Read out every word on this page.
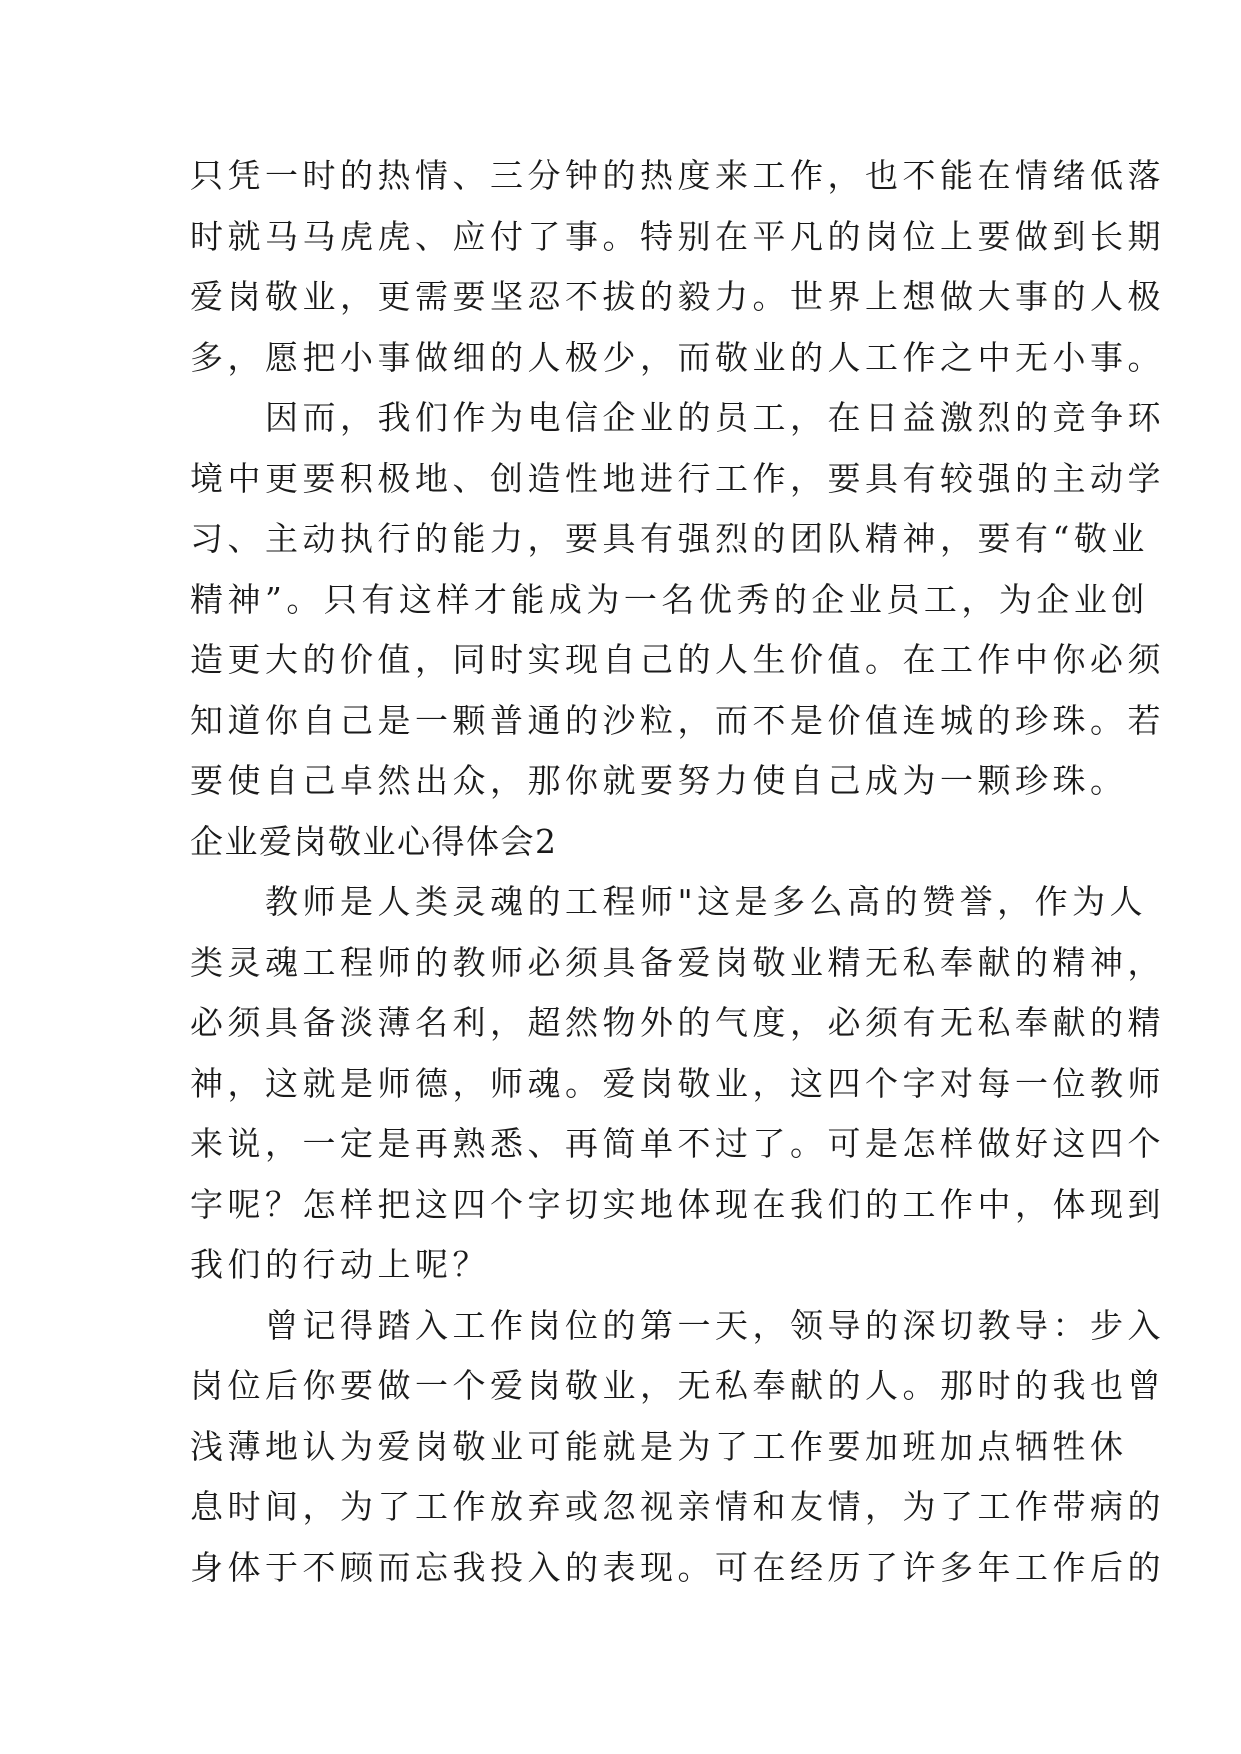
只凭一时的热情、三分钟的热度来工作，也不能在情绪低落
时就马马虎虎、应付了事。特别在平凡的岗位上要做到长期
爱岗敬业，更需要坚忍不拔的毅力。世界上想做大事的人极
多，愿把小事做细的人极少，而敬业的人工作之中无小事。
　　因而，我们作为电信企业的员工，在日益激烈的竞争环
境中更要积极地、创造性地进行工作，要具有较强的主动学
习、主动执行的能力，要具有强烈的团队精神，要有“敬业
精神”。只有这样才能成为一名优秀的企业员工，为企业创
造更大的价值，同时实现自己的人生价值。在工作中你必须
知道你自己是一颗普通的沙粒，而不是价值连城的珍珠。若
要使自己卓然出众，那你就要努力使自己成为一颗珍珠。
企业爱岗敬业心得体会2
　　教师是人类灵魂的工程师"这是多么高的赞誉，作为人
类灵魂工程师的教师必须具备爱岗敬业精无私奉献的精神，
必须具备淡薄名利，超然物外的气度，必须有无私奉献的精
神，这就是师德，师魂。爱岗敬业，这四个字对每一位教师
来说，一定是再熟悉、再简单不过了。可是怎样做好这四个
字呢？怎样把这四个字切实地体现在我们的工作中，体现到
我们的行动上呢？
　　曾记得踏入工作岗位的第一天，领导的深切教导：步入
岗位后你要做一个爱岗敬业，无私奉献的人。那时的我也曾
浅薄地认为爱岗敬业可能就是为了工作要加班加点牺牲休
息时间，为了工作放弃或忽视亲情和友情，为了工作带病的
身体于不顾而忘我投入的表现。可在经历了许多年工作后的
